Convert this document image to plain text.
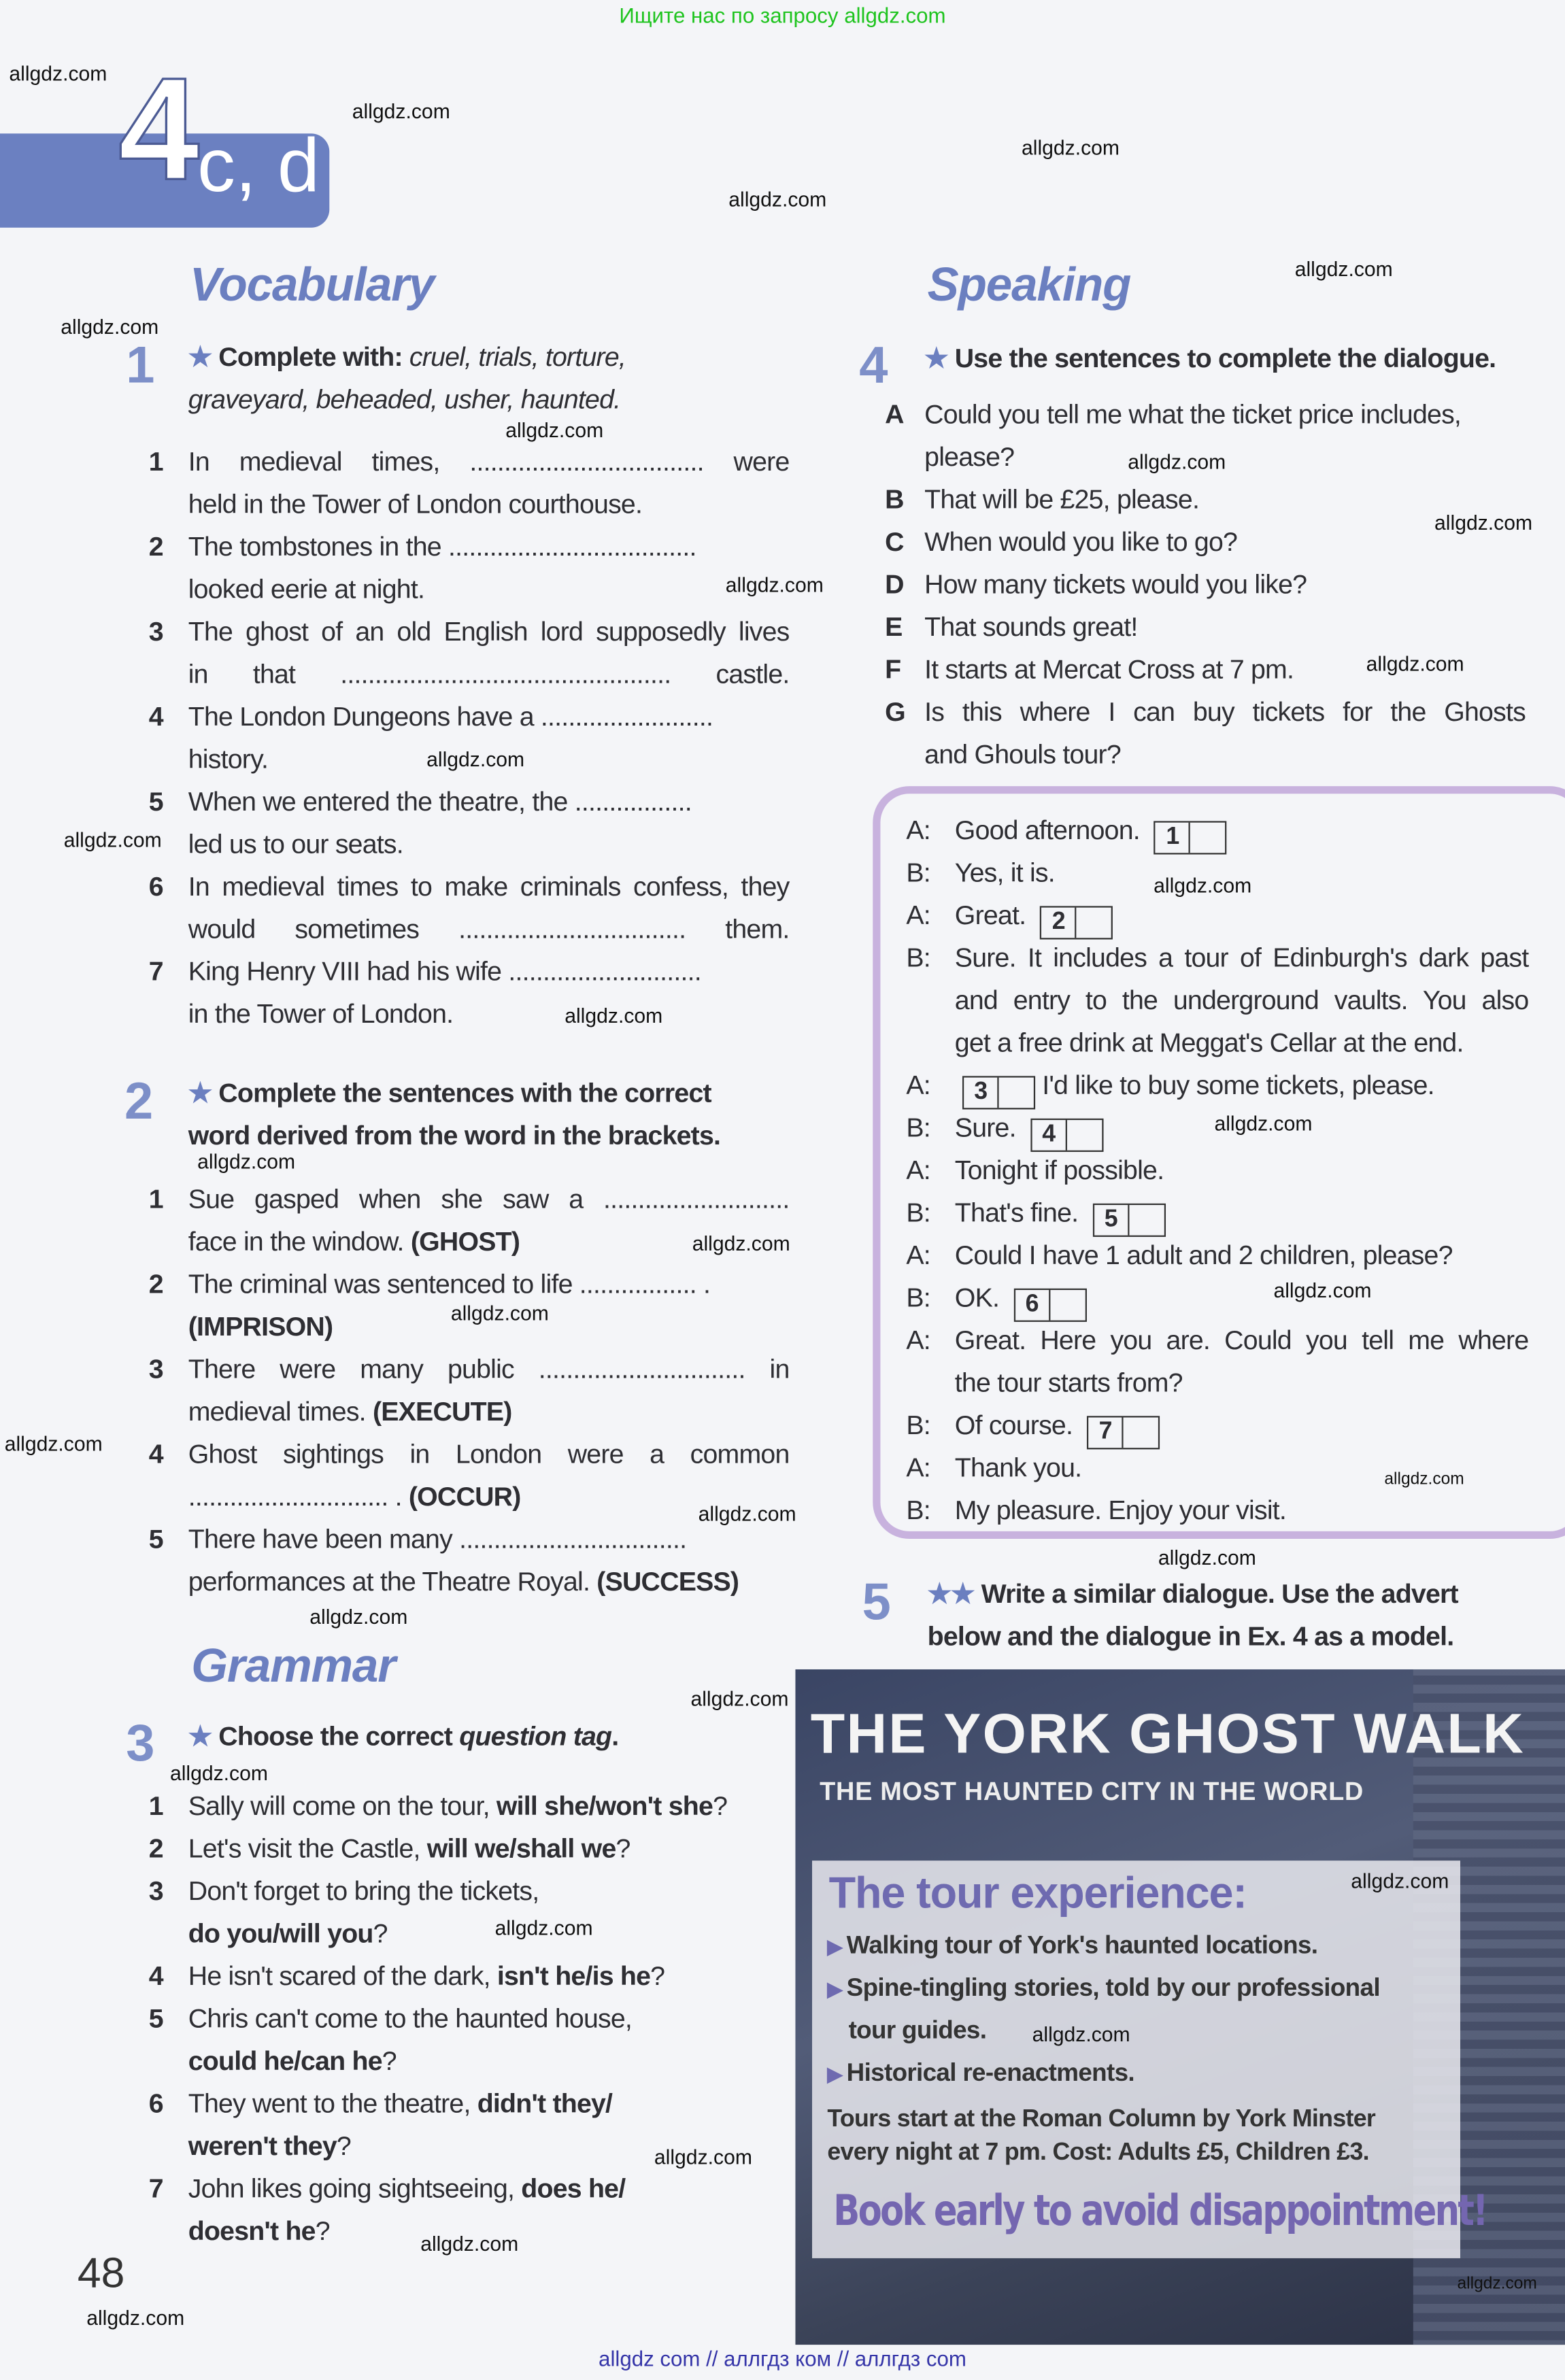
Ищите нас по запросу allgdz.com
4
c, d
Vocabulary
1	★ Complete with: cruel, trials, torture,
graveyard, beheaded, usher, haunted.
1	In medieval times, .................................. were
held in the Tower of London courthouse.
2	The tombstones in the ....................................
looked eerie at night.
3	The ghost of an old English lord supposedly lives
in that ................................................ castle.
4	The London Dungeons have a .........................
history.
5	When we entered the theatre, the .................
led us to our seats.
6	In medieval times to make criminals confess, they
would sometimes ................................. them.
7	King Henry VIII had his wife ............................
in the Tower of London.
2	★ Complete the sentences with the correct
word derived from the word in the brackets.
1	Sue gasped when she saw a ...........................
face in the window. (GHOST)
2	The criminal was sentenced to life ................. .
(IMPRISON)
3	There were many public .............................. in
medieval times. (EXECUTE)
4	Ghost sightings in London were a common
............................. . (OCCUR)
5	There have been many .................................
performances at the Theatre Royal. (SUCCESS)
Grammar
3	★ Choose the correct question tag.
1	Sally will come on the tour, will she/won't she?
2	Let's visit the Castle, will we/shall we?
3	Don't forget to bring the tickets,
do you/will you?
4	He isn't scared of the dark, isn't he/is he?
5	Chris can't come to the haunted house,
could he/can he?
6	They went to the theatre, didn't they/
weren't they?
7	John likes going sightseeing, does he/
doesn't he?
48
Speaking
4	★ Use the sentences to complete the dialogue.
A	Could you tell me what the ticket price includes,
please?
B	That will be £25, please.
C	When would you like to go?
D	How many tickets would you like?
E	That sounds great!
F	It starts at Mercat Cross at 7 pm.
G	Is this where I can buy tickets for the Ghosts
and Ghouls tour?
A:	Good afternoon. 1
B:	Yes, it is.
A:	Great. 2
B:	Sure. It includes a tour of Edinburgh's dark past
and entry to the underground vaults. You also
get a free drink at Meggat's Cellar at the end.
A:	3	I'd like to buy some tickets, please.
B:	Sure. 4
A:	Tonight if possible.
B:	That's fine. 5
A:	Could I have 1 adult and 2 children, please?
B:	OK. 6
A:	Great. Here you are. Could you tell me where
the tour starts from?
B:	Of course. 7
A:	Thank you.
B:	My pleasure. Enjoy your visit.
5	★★ Write a similar dialogue. Use the advert
below and the dialogue in Ex. 4 as a model.
THE YORK GHOST WALK
THE MOST HAUNTED CITY IN THE WORLD
The tour experience:
▶ Walking tour of York's haunted locations.
▶ Spine-tingling stories, told by our professional
tour guides.
▶ Historical re-enactments.
Tours start at the Roman Column by York Minster
every night at 7 pm. Cost: Adults £5, Children £3.
Book early to avoid disappointment!
allgdz.com
allgdz.com
allgdz.com
allgdz.com
allgdz.com
allgdz.com
allgdz.com
allgdz.com
allgdz.com
allgdz.com
allgdz.com
allgdz.com
allgdz.com
allgdz.com
allgdz.com
allgdz.com
allgdz.com
allgdz.com
allgdz.com
allgdz.com
allgdz.com
allgdz.com
allgdz.com
allgdz.com
allgdz.com
allgdz.com
allgdz.com
allgdz.com
allgdz.com
allgdz.com
allgdz.com
allgdz.com
allgdz.com
allgdz.com
allgdz com // аллгдз ком // аллгдз com
